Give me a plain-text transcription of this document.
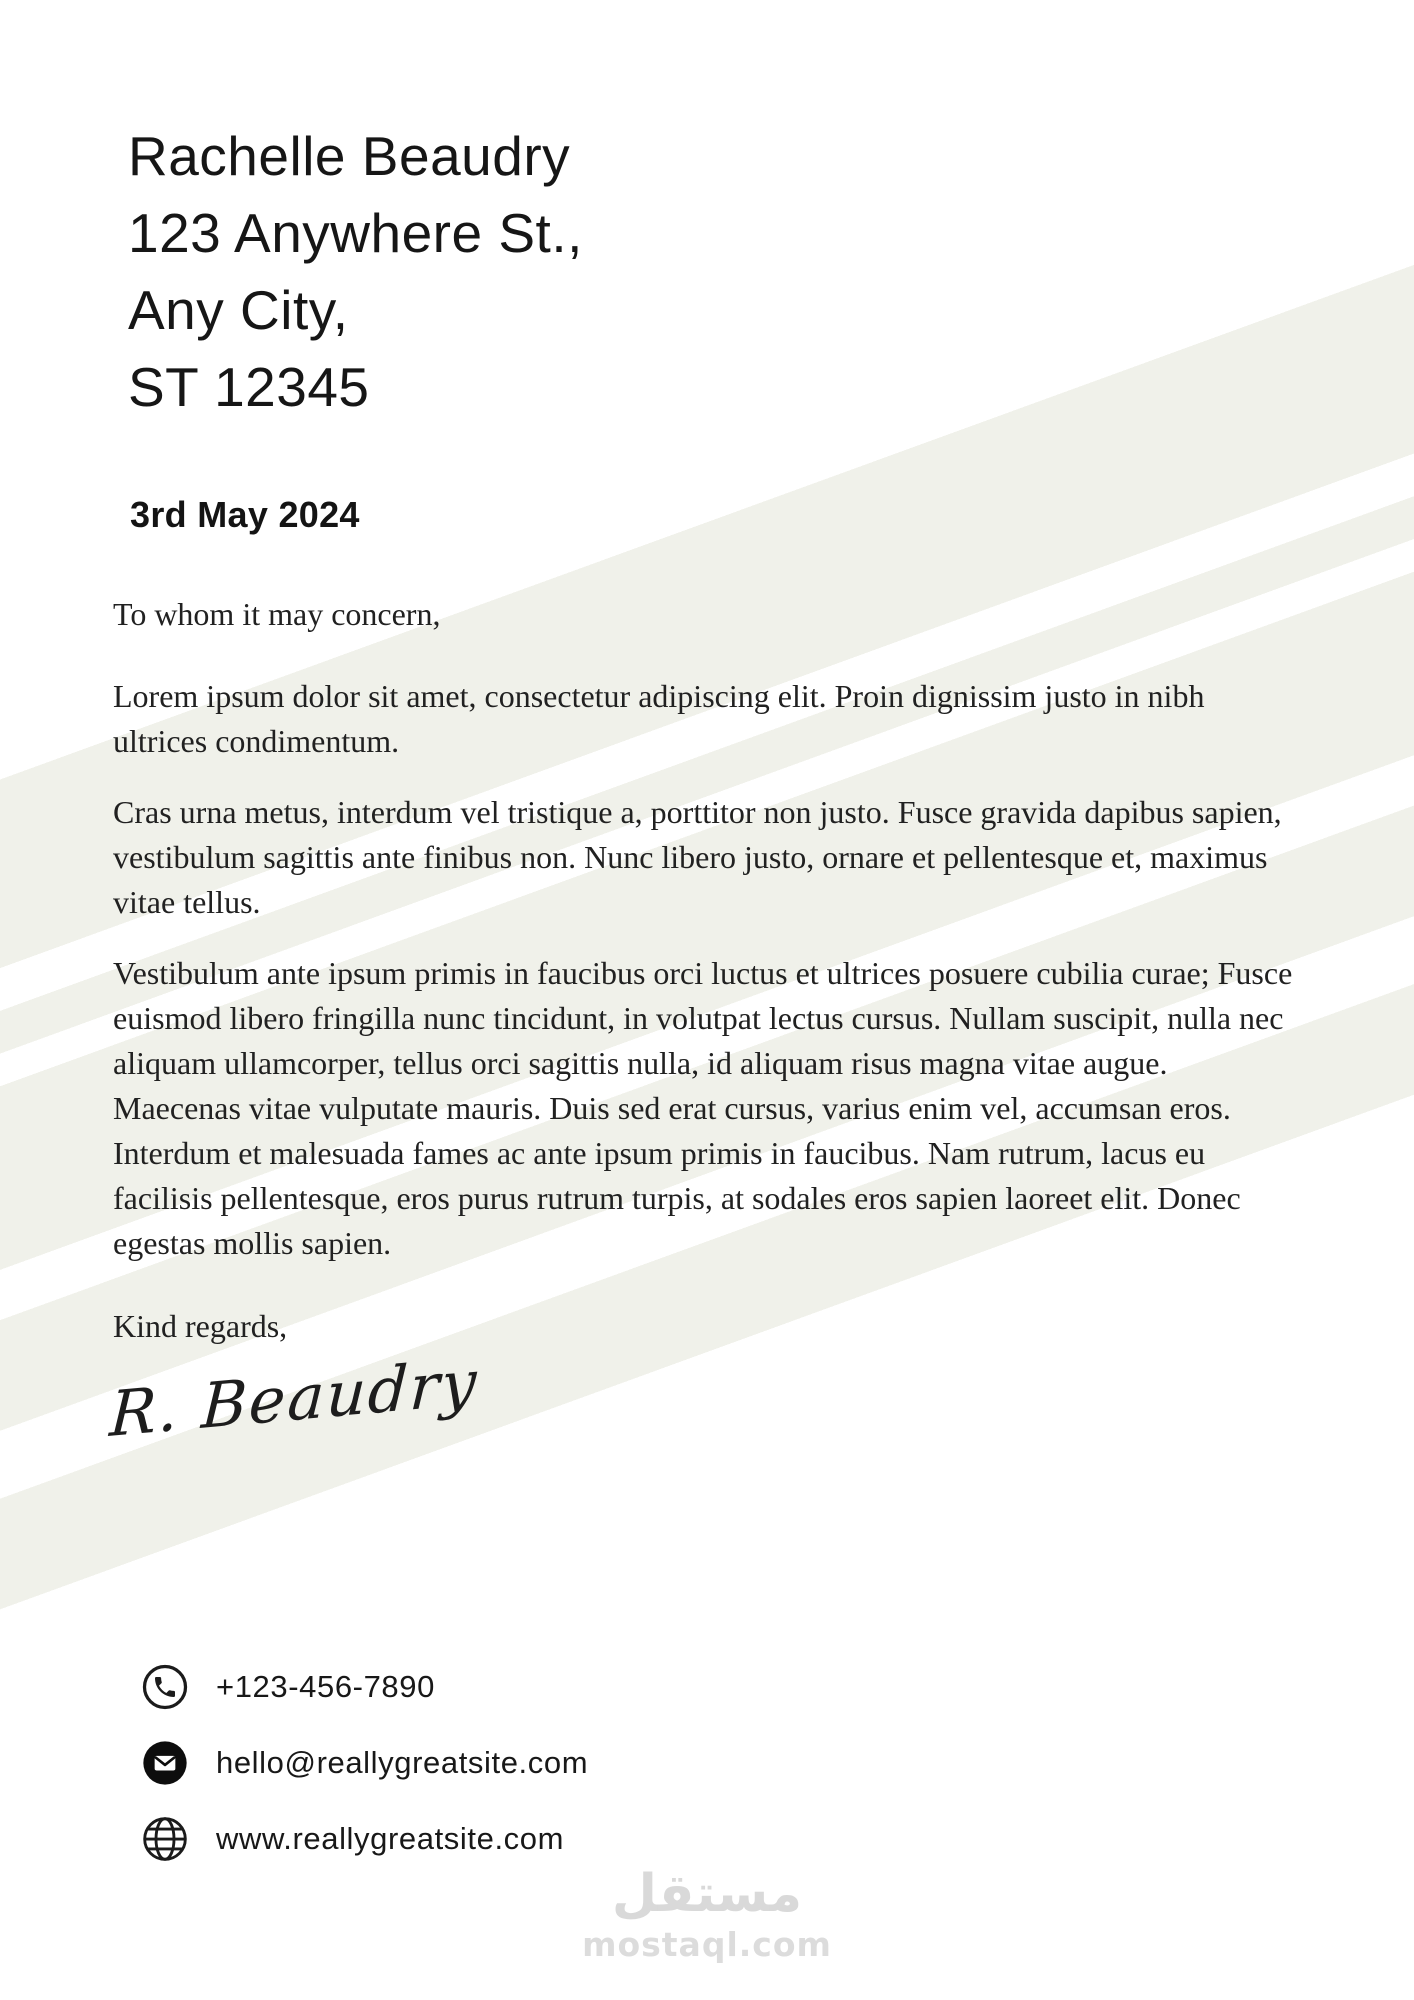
Rachelle Beaudry
123 Anywhere St.,
Any City,
ST 12345
3rd May 2024

To whom it may concern,

Lorem ipsum dolor sit amet, consectetur adipiscing elit. Proin dignissim justo in nibh ultrices condimentum.

Cras urna metus, interdum vel tristique a, porttitor non justo. Fusce gravida dapibus sapien, vestibulum sagittis ante finibus non. Nunc libero justo, ornare et pellentesque et, maximus vitae tellus.

Vestibulum ante ipsum primis in faucibus orci luctus et ultrices posuere cubilia curae; Fusce euismod libero fringilla nunc tincidunt, in volutpat lectus cursus. Nullam suscipit, nulla nec aliquam ullamcorper, tellus orci sagittis nulla, id aliquam risus magna vitae augue. Maecenas vitae vulputate mauris. Duis sed erat cursus, varius enim vel, accumsan eros. Interdum et malesuada fames ac ante ipsum primis in faucibus. Nam rutrum, lacus eu facilisis pellentesque, eros purus rutrum turpis, at sodales eros sapien laoreet elit. Donec egestas mollis sapien.

Kind regards,
R. Beaudry
+123-456-7890
hello@reallygreatsite.com
www.reallygreatsite.com
مستقل
mostaql.com
